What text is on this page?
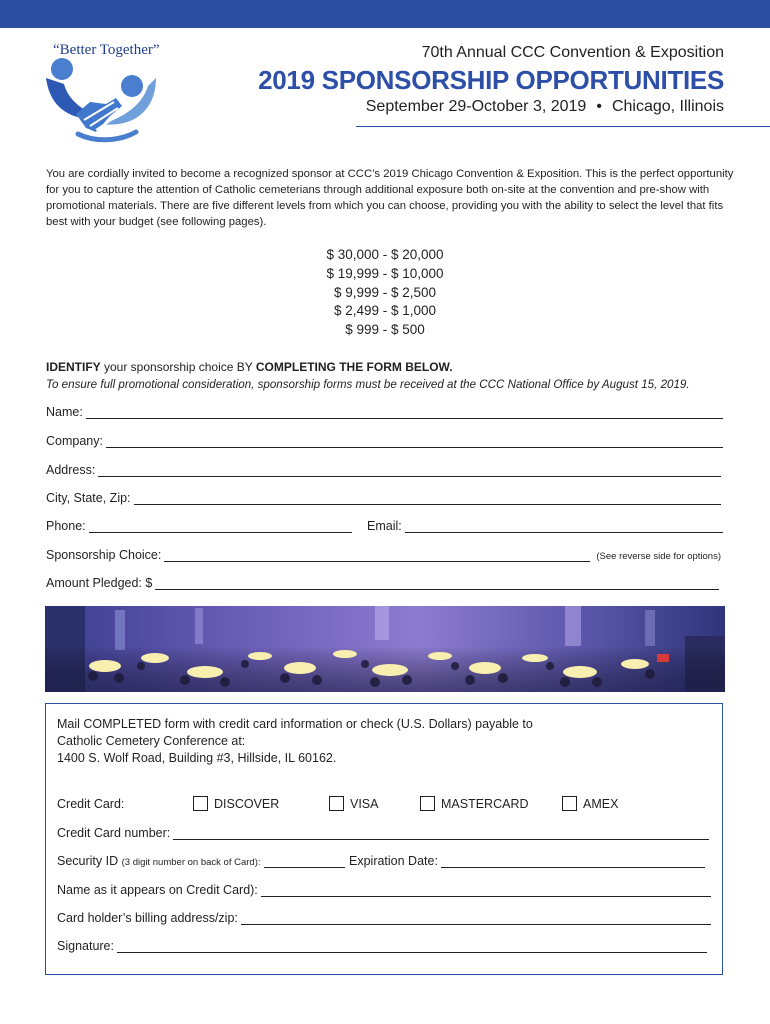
“Better Together”	70th Annual CCC Convention & Exposition
2019 SPONSORSHIP OPPORTUNITIES
September 29-October 3, 2019 • Chicago, Illinois
You are cordially invited to become a recognized sponsor at CCC’s 2019 Chicago Convention & Exposition. This is the perfect opportunity for you to capture the attention of Catholic cemeterians through additional exposure both on-site at the convention and pre-show with promotional materials. There are five different levels from which you can choose, providing you with the ability to select the level that fits best with your budget (see following pages).
$ 30,000 - $ 20,000
$ 19,999 - $ 10,000
$ 9,999 - $ 2,500
$ 2,499 - $ 1,000
$ 999 - $ 500
IDENTIFY your sponsorship choice BY COMPLETING THE FORM BELOW.
To ensure full promotional consideration, sponsorship forms must be received at the CCC National Office by August 15, 2019.
Name:
Company:
Address:
City, State, Zip:
Phone:	Email:
Sponsorship Choice:	(See reverse side for options)
Amount Pledged: $
Mail COMPLETED form with credit card information or check (U.S. Dollars) payable to
Catholic Cemetery Conference at:
1400 S. Wolf Road, Building #3, Hillside, IL 60162.
Credit Card:	DISCOVER	VISA	MASTERCARD	AMEX
Credit Card number:
Security ID
(3 digit number on back of Card):	Expiration Date:
Name as it appears on Credit Card):
Card holder’s billing address/zip:
Signature:
